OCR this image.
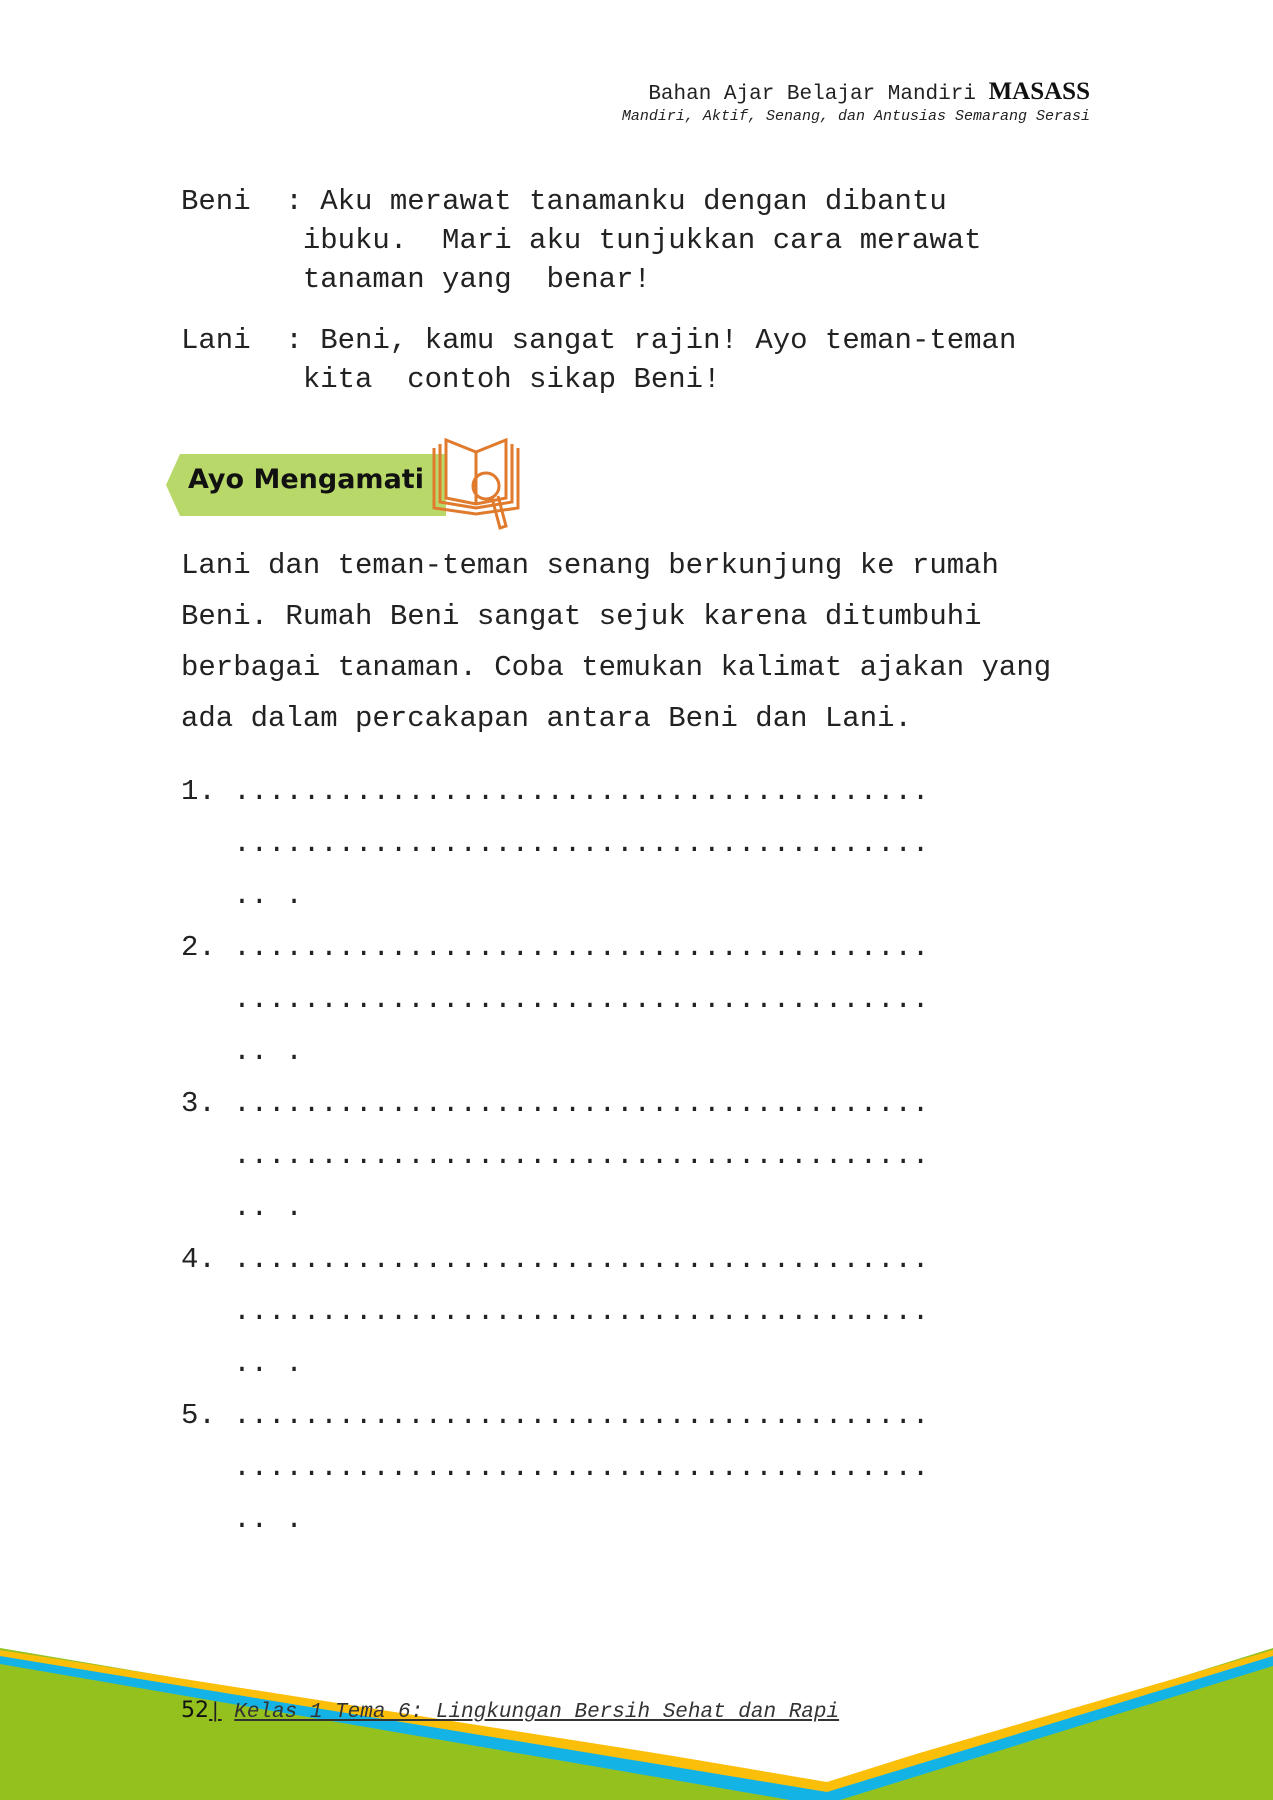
Bahan Ajar Belajar Mandiri MASASS
Mandiri, Aktif, Senang, dan Antusias Semarang Serasi
Beni  : Aku merawat tanamanku dengan dibantu
ibuku.  Mari aku tunjukkan cara merawat
tanaman yang  benar!
Lani  : Beni, kamu sangat rajin! Ayo teman-teman
kita  contoh sikap Beni!
Ayo Mengamati
Lani dan teman-teman senang berkunjung ke rumah
Beni. Rumah Beni sangat sejuk karena ditumbuhi
berbagai tanaman. Coba temukan kalimat ajakan yang
ada dalam percakapan antara Beni dan Lani.
1. ........................................
........................................
.. .
2. ........................................
........................................
.. .
3. ........................................
........................................
.. .
4. ........................................
........................................
.. .
5. ........................................
........................................
.. .
52| Kelas 1 Tema 6: Lingkungan Bersih Sehat dan Rapi
